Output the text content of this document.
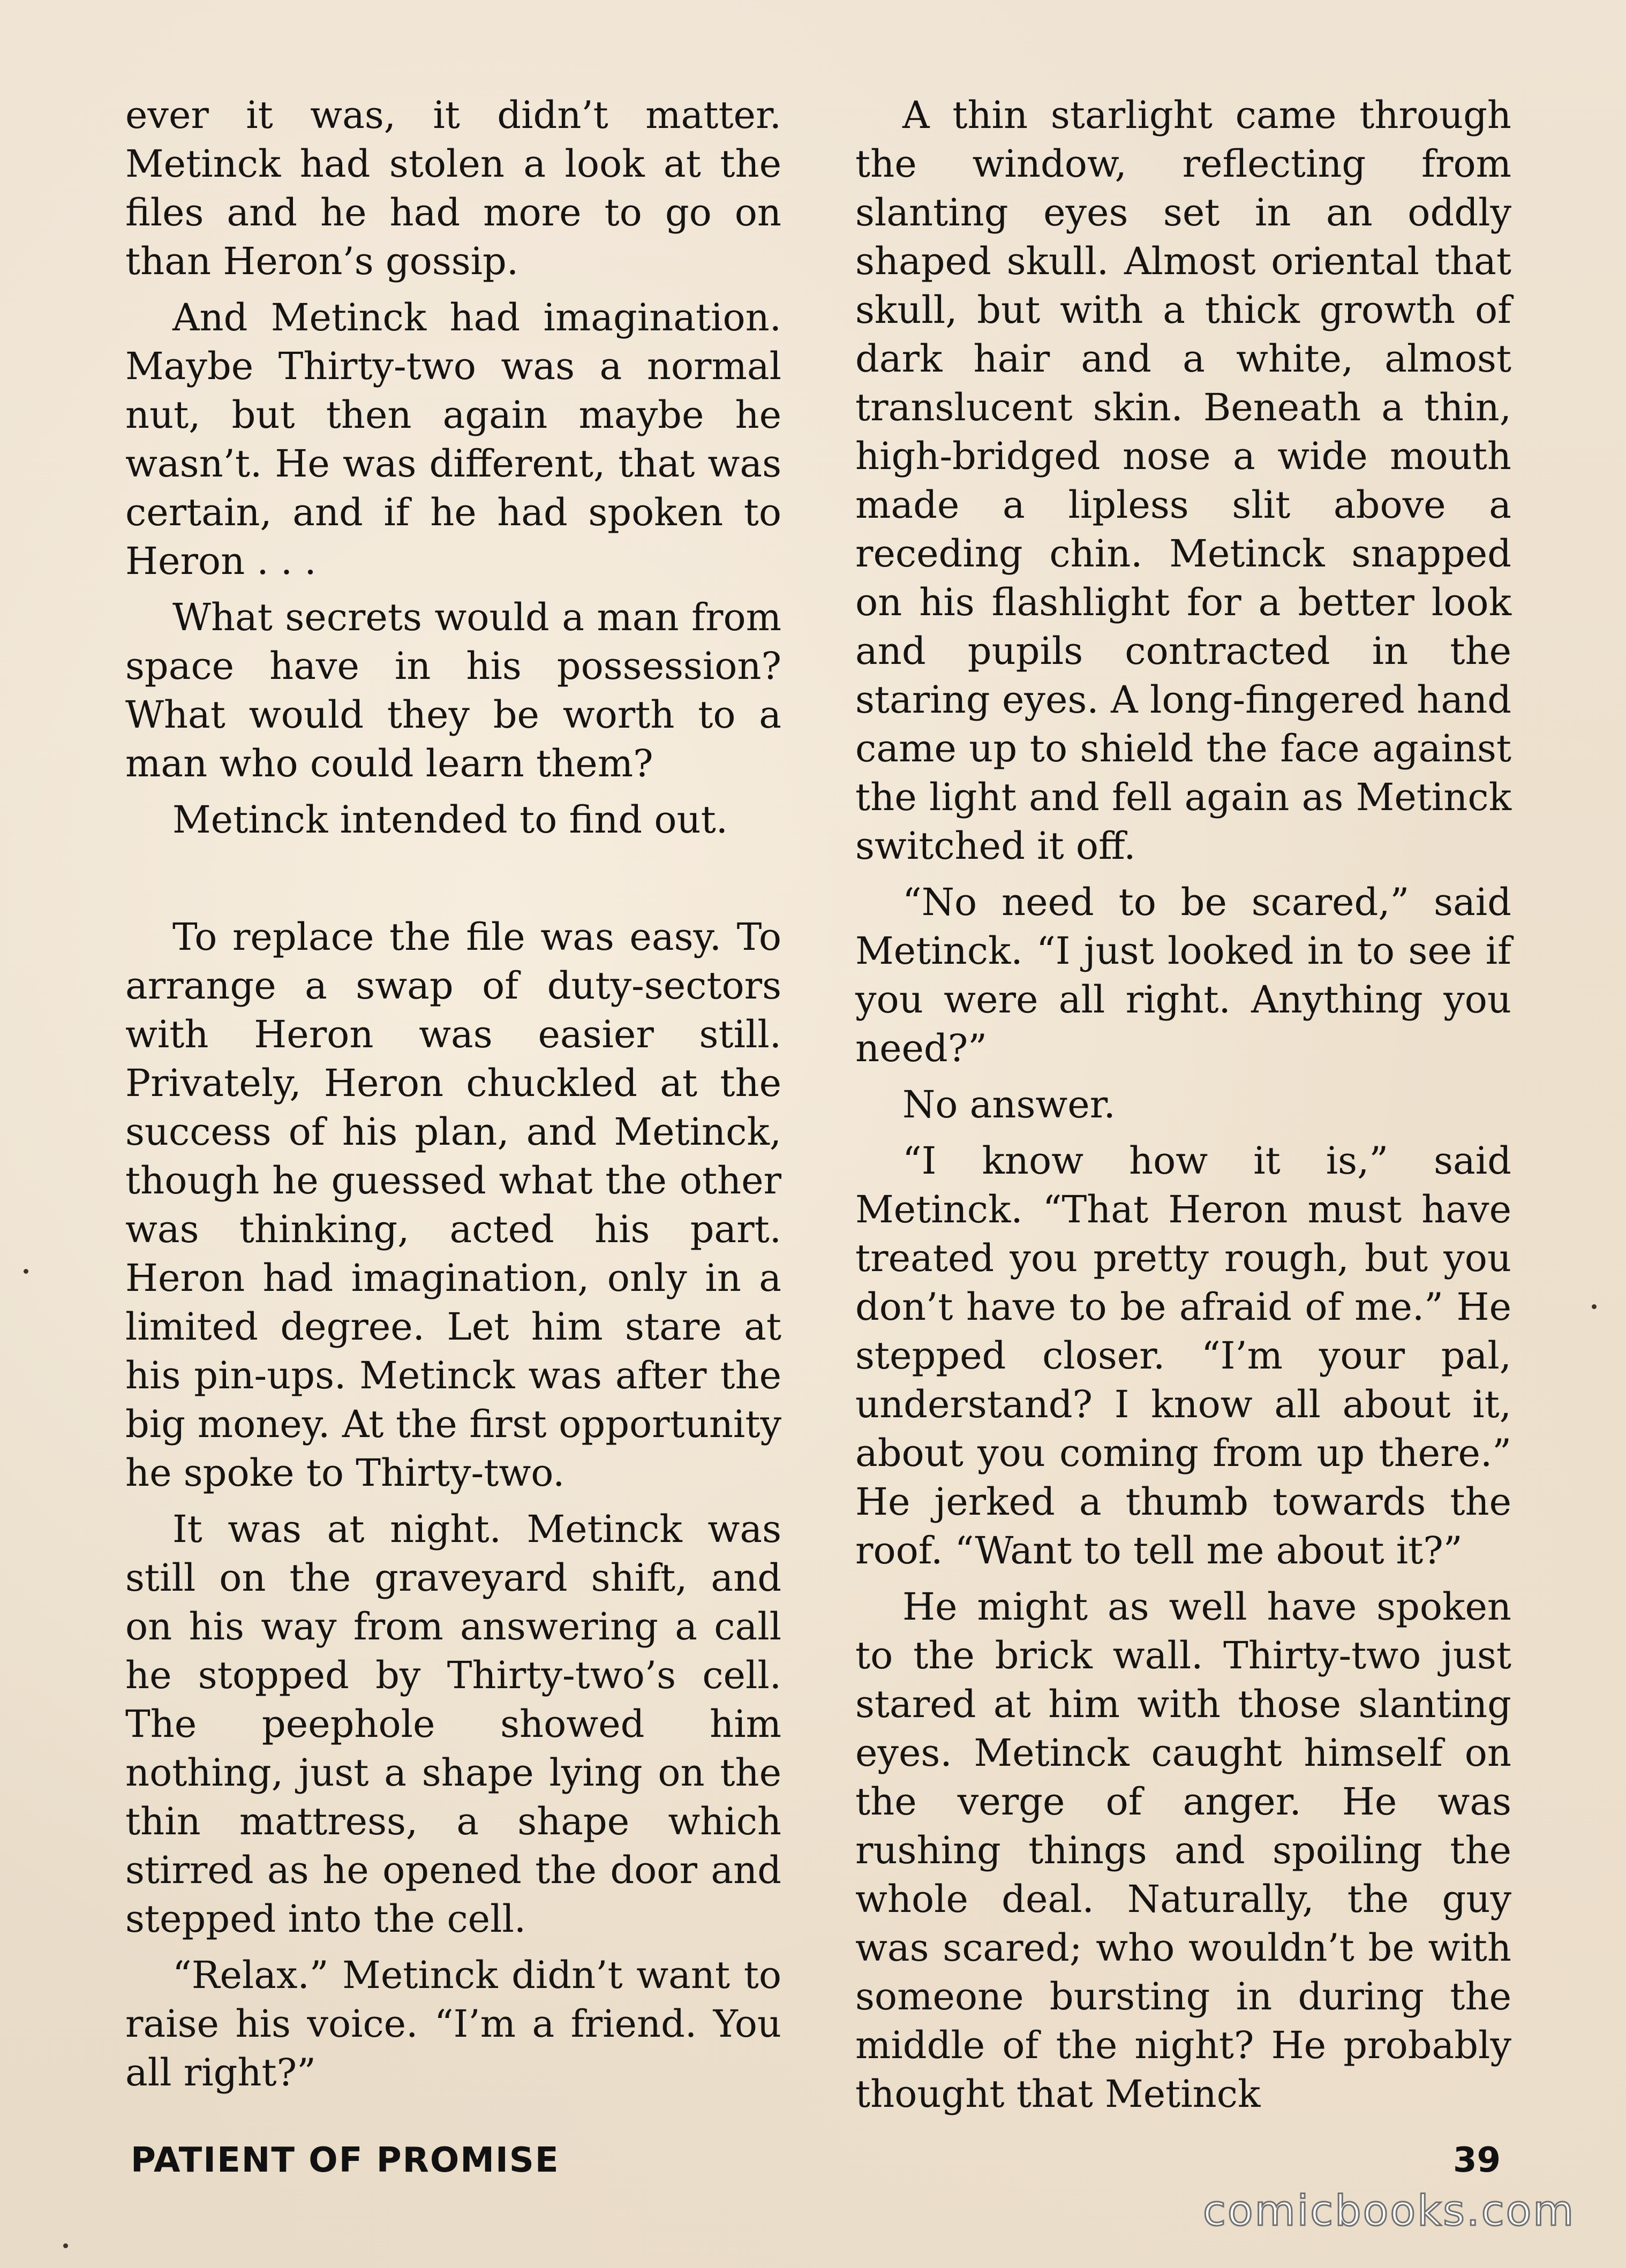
ever it was, it didn’t matter. Metinck had stolen a look at the files and he had more to go on than Heron’s gossip.

And Metinck had imagination. Maybe Thirty-two was a normal nut, but then again maybe he wasn’t. He was different, that was certain, and if he had spoken to Heron . . .

What secrets would a man from space have in his possession? What would they be worth to a man who could learn them?

Metinck intended to find out.

To replace the file was easy. To arrange a swap of duty-sectors with Heron was easier still. Privately, Heron chuckled at the success of his plan, and Metinck, though he guessed what the other was thinking, acted his part. Heron had imagination, only in a limited degree. Let him stare at his pin-ups. Metinck was after the big money. At the first opportunity he spoke to Thirty-two.

It was at night. Metinck was still on the graveyard shift, and on his way from answering a call he stopped by Thirty-two’s cell. The peephole showed him nothing, just a shape lying on the thin mattress, a shape which stirred as he opened the door and stepped into the cell.

“Relax.” Metinck didn’t want to raise his voice. “I’m a friend. You all right?”

A thin starlight came through the window, reflecting from slanting eyes set in an oddly shaped skull. Almost oriental that skull, but with a thick growth of dark hair and a white, almost translucent skin. Beneath a thin, high-bridged nose a wide mouth made a lipless slit above a receding chin. Metinck snapped on his flashlight for a better look and pupils contracted in the staring eyes. A long-fingered hand came up to shield the face against the light and fell again as Metinck switched it off.

“No need to be scared,” said Metinck. “I just looked in to see if you were all right. Anything you need?”

No answer.

“I know how it is,” said Metinck. “That Heron must have treated you pretty rough, but you don’t have to be afraid of me.” He stepped closer. “I’m your pal, understand? I know all about it, about you coming from up there.” He jerked a thumb towards the roof. “Want to tell me about it?”

He might as well have spoken to the brick wall. Thirty-two just stared at him with those slanting eyes. Metinck caught himself on the verge of anger. He was rushing things and spoiling the whole deal. Naturally, the guy was scared; who wouldn’t be with someone bursting in during the middle of the night? He probably thought that Metinck

PATIENT OF PROMISE	39
comicbooks.com
